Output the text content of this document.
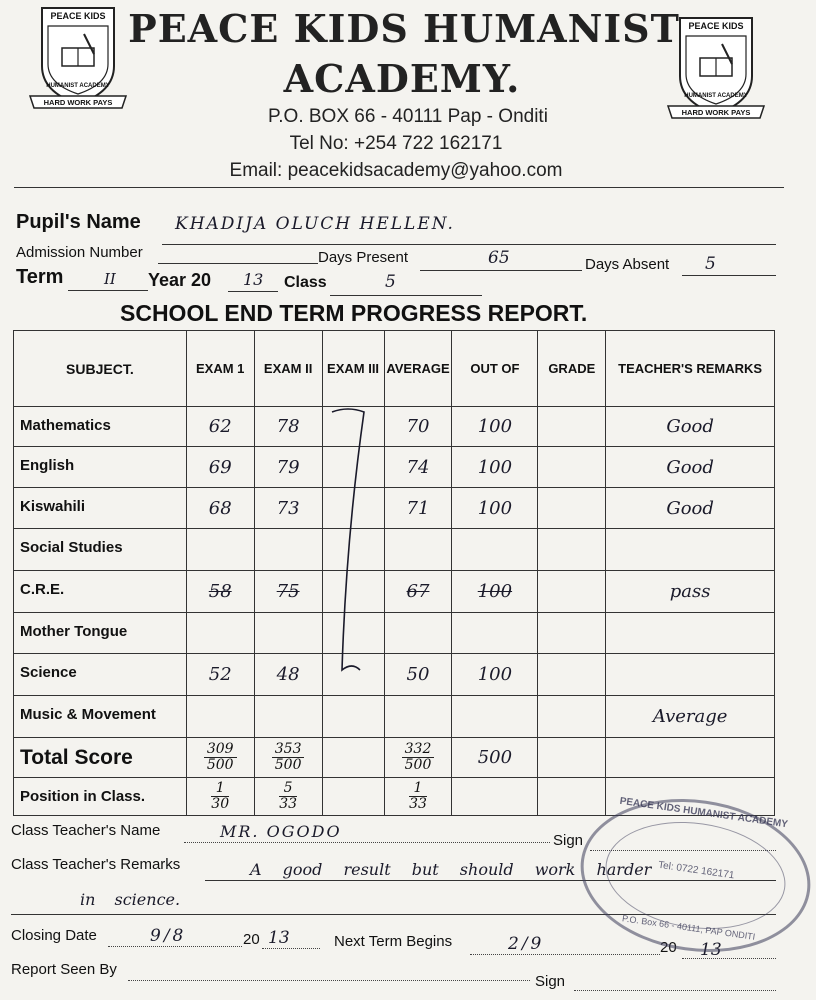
PEACE KIDS
HUMANIST ACADEMY
HARD WORK PAYS
PEACE KIDS
HUMANIST ACADEMY
HARD WORK PAYS
PEACE KIDS HUMANIST
ACADEMY.
P.O. BOX 66 - 40111 Pap - Onditi
Tel No: +254 722 162171
Email: peacekidsacademy@yahoo.com
Pupil's Name KHADIJA OLUCH HELLEN.
Admission Number	Days Present	65	Days Absent 5
Term	II Year 20 13 Class	5
SCHOOL END TERM PROGRESS REPORT.
SUBJECT.	EXAM 1	EXAM II	EXAM III	AVERAGE	OUT OF	GRADE	TEACHER'S REMARKS
Mathematics	62	78		70	100		Good
English	69	79		74	100		Good
Kiswahili	68	73		71	100		Good
Social Studies							
C.R.E.	58	75		67	100		pass
Mother Tongue							
Science	52	48		50	100		
Music & Movement							Average
Total Score	$\frac{309}{500}$	$\frac{353}{500}$		$\frac{332}{500}$	500		
Position in Class.	$\frac{1}{30}$	$\frac{5}{33}$		$\frac{1}{33}$

Class Teacher's Name	MR. OGODO	Sign
Class Teacher's Remarks	A good result but should work harder
in science.
Closing Date	9/8	20 13	Next Term Begins	2/9	20 13
Report Seen By
Sign
PEACE KIDS HUMANIST ACADEMY
Tel: 0722 162171
P.O. Box 66 - 40111, PAP ONDITI
